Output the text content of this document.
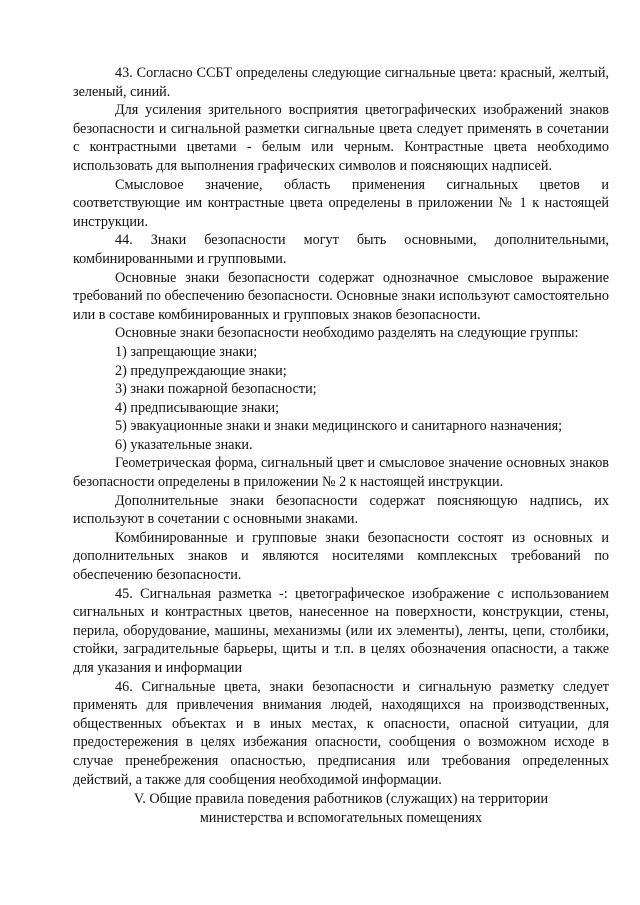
43. Согласно ССБТ определены следующие сигнальные цвета: красный, желтый, зеленый, синий.

Для усиления зрительного восприятия цветографических изображений знаков безопасности и сигнальной разметки сигнальные цвета следует применять в сочетании с контрастными цветами - белым или черным. Контрастные цвета необходимо использовать для выполнения графических символов и поясняющих надписей.

Смысловое значение, область применения сигнальных цветов и соответствующие им контрастные цвета определены в приложении № 1 к настоящей инструкции.

44. Знаки безопасности могут быть основными, дополнительными, комбинированными и групповыми.

Основные знаки безопасности содержат однозначное смысловое выражение требований по обеспечению безопасности. Основные знаки используют самостоятельно или в составе комбинированных и групповых знаков безопасности.

Основные знаки безопасности необходимо разделять на следующие группы:

1) запрещающие знаки;

2) предупреждающие знаки;

3) знаки пожарной безопасности;

4) предписывающие знаки;

5) эвакуационные знаки и знаки медицинского и санитарного назначения;

6) указательные знаки.

Геометрическая форма, сигнальный цвет и смысловое значение основных знаков безопасности определены в приложении № 2 к настоящей инструкции.

Дополнительные знаки безопасности содержат поясняющую надпись, их используют в сочетании с основными знаками.

Комбинированные и групповые знаки безопасности состоят из основных и дополнительных знаков и являются носителями комплексных требований по обеспечению безопасности.

45. Сигнальная разметка -: цветографическое изображение с использованием сигнальных и контрастных цветов, нанесенное на поверхности, конструкции, стены, перила, оборудование, машины, механизмы (или их элементы), ленты, цепи, столбики, стойки, заградительные барьеры, щиты и т.п. в целях обозначения опасности, а также для указания и информации

46. Сигнальные цвета, знаки безопасности и сигнальную разметку следует применять для привлечения внимания людей, находящихся на производственных, общественных объектах и в иных местах, к опасности, опасной ситуации, для предостережения в целях избежания опасности, сообщения о возможном исходе в случае пренебрежения опасностью, предписания или требования определенных действий, а также для сообщения необходимой информации.

V. Общие правила поведения работников (служащих) на территории
министерства и вспомогательных помещениях
